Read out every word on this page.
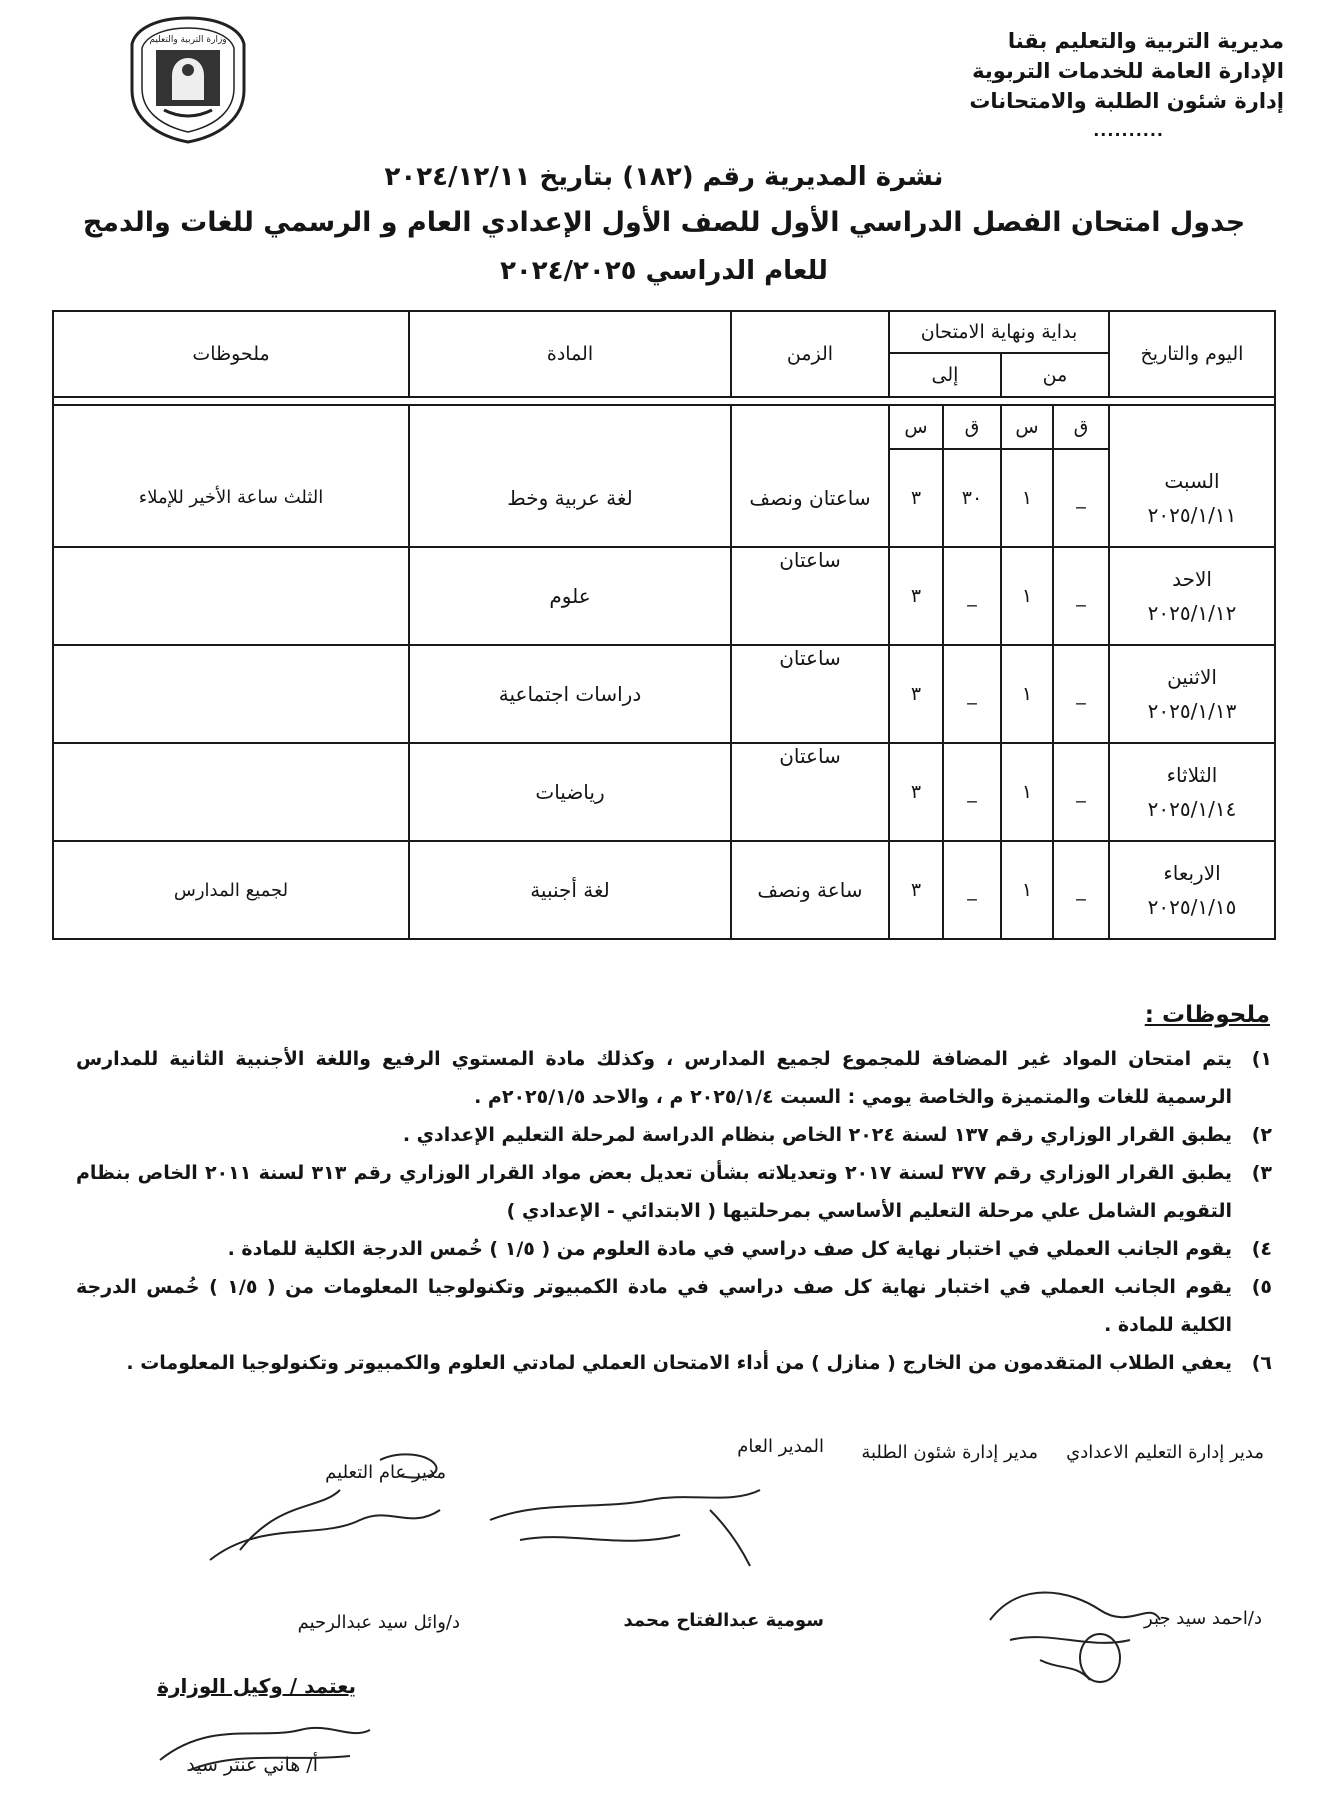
وزارة التربية والتعليم	مديرية التربية والتعليم بقنا
الإدارة العامة للخدمات التربوية
إدارة شئون الطلبة والامتحانات
..........
نشرة المديرية رقم (١٨٢) بتاريخ ٢٠٢٤/١٢/١١
جدول امتحان الفصل الدراسي الأول للصف الأول الإعدادي العام و الرسمي للغات والدمج
للعام الدراسي ٢٠٢٤/٢٠٢٥
اليوم والتاريخ	بداية ونهاية الامتحان				الزمن	المادة	ملحوظات
	من		إلى				

	ق	س	ق	س			

السبت
٢٠٢٥/١/١١	_	١	٣٠	٣	ساعتان ونصف	لغة عربية وخط	الثلث ساعة الأخير للإملاء

الاحد
٢٠٢٥/١/١٢	_	١	_	٣	ساعتان	علوم	

الاثنين
٢٠٢٥/١/١٣	_	١	_	٣	ساعتان	دراسات اجتماعية	

الثلاثاء
٢٠٢٥/١/١٤	_	١	_	٣	ساعتان	رياضيات	

الاربعاء
٢٠٢٥/١/١٥	_	١	_	٣	ساعة ونصف	لغة أجنبية	لجميع المدارس
ملحوظات :
١)
يتم امتحان المواد غير المضافة للمجموع لجميع المدارس ، وكذلك مادة المستوي الرفيع واللغة الأجنبية الثانية للمدارس الرسمية للغات والمتميزة والخاصة يومي : السبت ٢٠٢٥/١/٤ م ، والاحد ٢٠٢٥/١/٥م .
٢)
يطبق القرار الوزاري رقم ١٣٧ لسنة ٢٠٢٤ الخاص بنظام الدراسة لمرحلة التعليم الإعدادي .
٣)
يطبق القرار الوزاري رقم ٣٧٧ لسنة ٢٠١٧ وتعديلاته بشأن تعديل بعض مواد القرار الوزاري رقم ٣١٣ لسنة ٢٠١١ الخاص بنظام التقويم الشامل علي مرحلة التعليم الأساسي بمرحلتيها ( الابتدائي - الإعدادي )
٤)
يقوم الجانب العملي في اختبار نهاية كل صف دراسي في مادة العلوم من ( ١/٥ ) خُمس الدرجة الكلية للمادة .
٥)
يقوم الجانب العملي في اختبار نهاية كل صف دراسي في مادة الكمبيوتر وتكنولوجيا المعلومات من ( ١/٥ ) خُمس الدرجة الكلية للمادة .
٦)
يعفي الطلاب المتقدمون من الخارج ( منازل ) من أداء الامتحان العملي لمادتي العلوم والكمبيوتر وتكنولوجيا المعلومات .
مدير إدارة التعليم الاعدادي
مدير إدارة شئون الطلبة
المدير العام
مدير عام التعليم
د/احمد سيد جبر
سومية عبدالفتاح محمد
د/وائل سيد عبدالرحيم
يعتمد / وكيل الوزارة
أ/ هاني عنتر سيد
